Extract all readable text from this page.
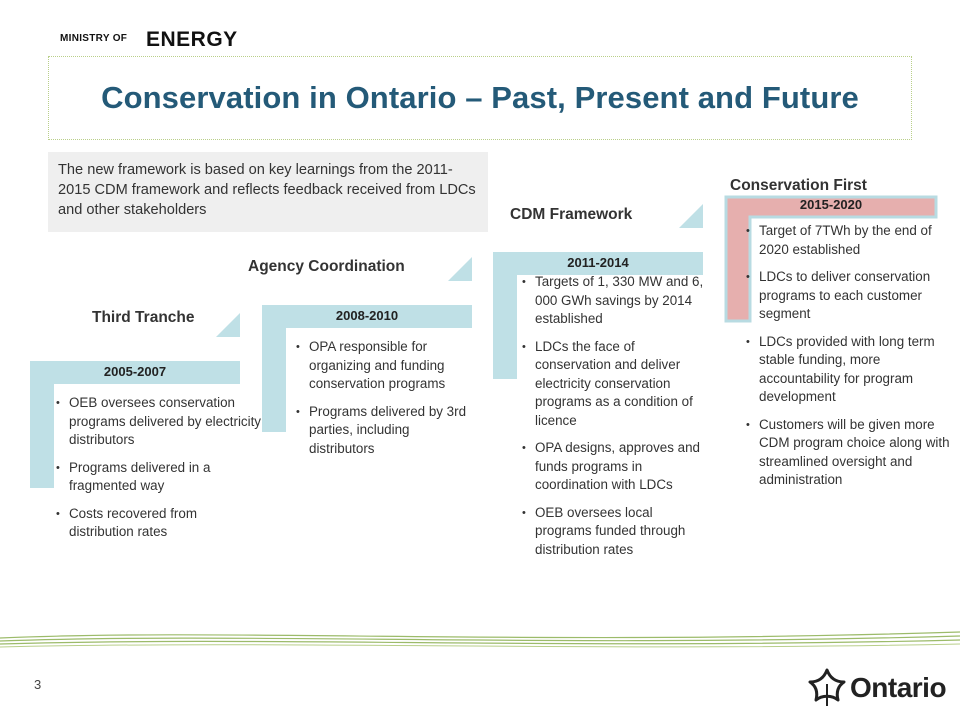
MINISTRY OF ENERGY
Conservation in Ontario – Past, Present and Future
The new framework is based on key learnings from the 2011-2015 CDM framework and reflects feedback received from LDCs and other stakeholders
Third Tranche
Agency Coordination
CDM Framework
Conservation First
2005-2007
• OEB oversees conservation programs delivered by electricity distributors
• Programs delivered in a fragmented way
• Costs recovered from distribution rates
2008-2010
• OPA responsible for organizing and funding conservation programs
• Programs delivered by 3rd parties, including distributors
2011-2014
• Targets of 1, 330 MW and 6, 000 GWh savings by 2014 established
• LDCs the face of conservation and deliver electricity conservation programs as a condition of licence
• OPA designs, approves and funds programs in coordination with LDCs
• OEB oversees local programs funded through distribution rates
2015-2020
• Target of 7TWh by the end of 2020 established
• LDCs to deliver conservation programs to each customer segment
• LDCs provided with long term stable funding, more accountability for program development
• Customers will be given more CDM program choice along with streamlined oversight and administration
3	Ontario
